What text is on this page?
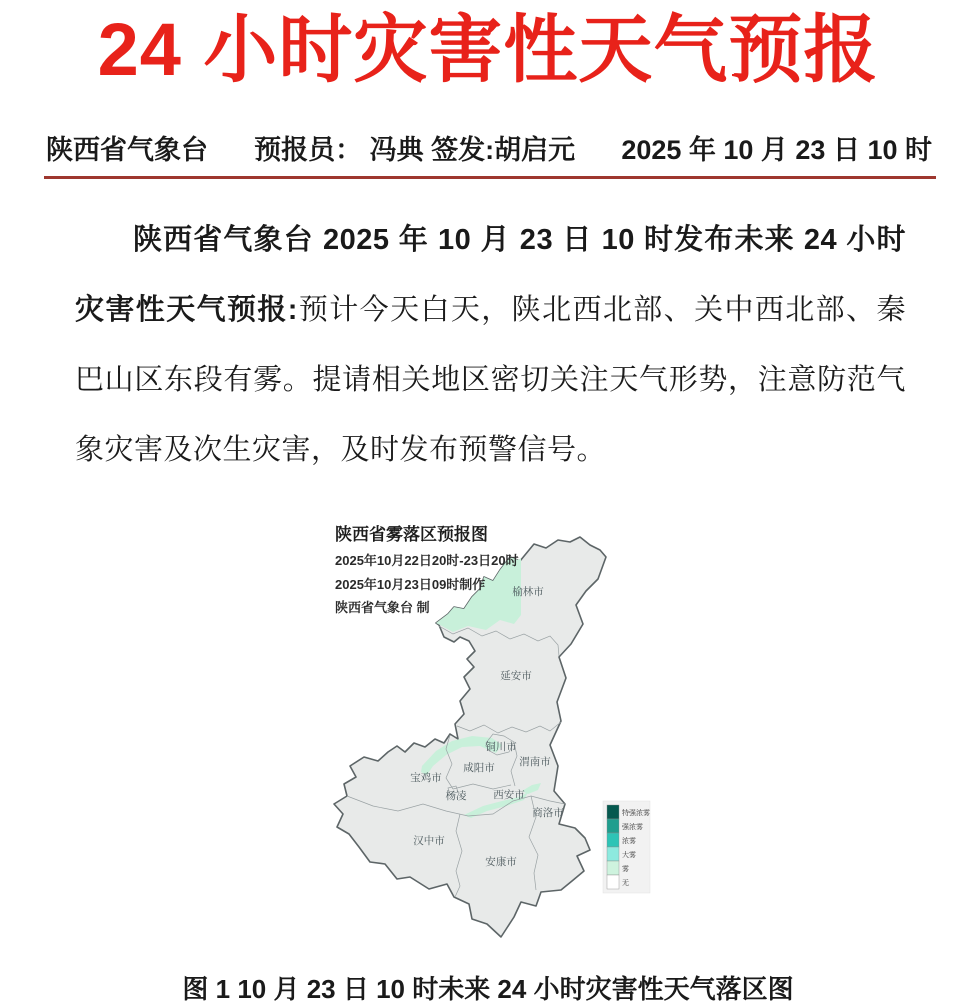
24 小时灾害性天气预报
陕西省气象台 预报员： 冯典 签发:胡启元 2025 年 10 月 23 日 10 时

陕西省气象台 2025 年 10 月 23 日 10 时发布未来 24 小时灾害性天气预报:预计今天白天，陕北西北部、关中西北部、秦巴山区东段有雾。提请相关地区密切关注天气形势，注意防范气象灾害及次生灾害，及时发布预警信号。

陕西省雾落区预报图
2025年10月22日20时-23日20时
2025年10月23日09时制作
陕西省气象台 制
榆林市
延安市
铜川市
渭南市
咸阳市
宝鸡市
杨凌	西安市
商洛市
汉中市
安康市
特强浓雾
强浓雾
浓雾
大雾
雾
无
图 1 10 月 23 日 10 时未来 24 小时灾害性天气落区图
